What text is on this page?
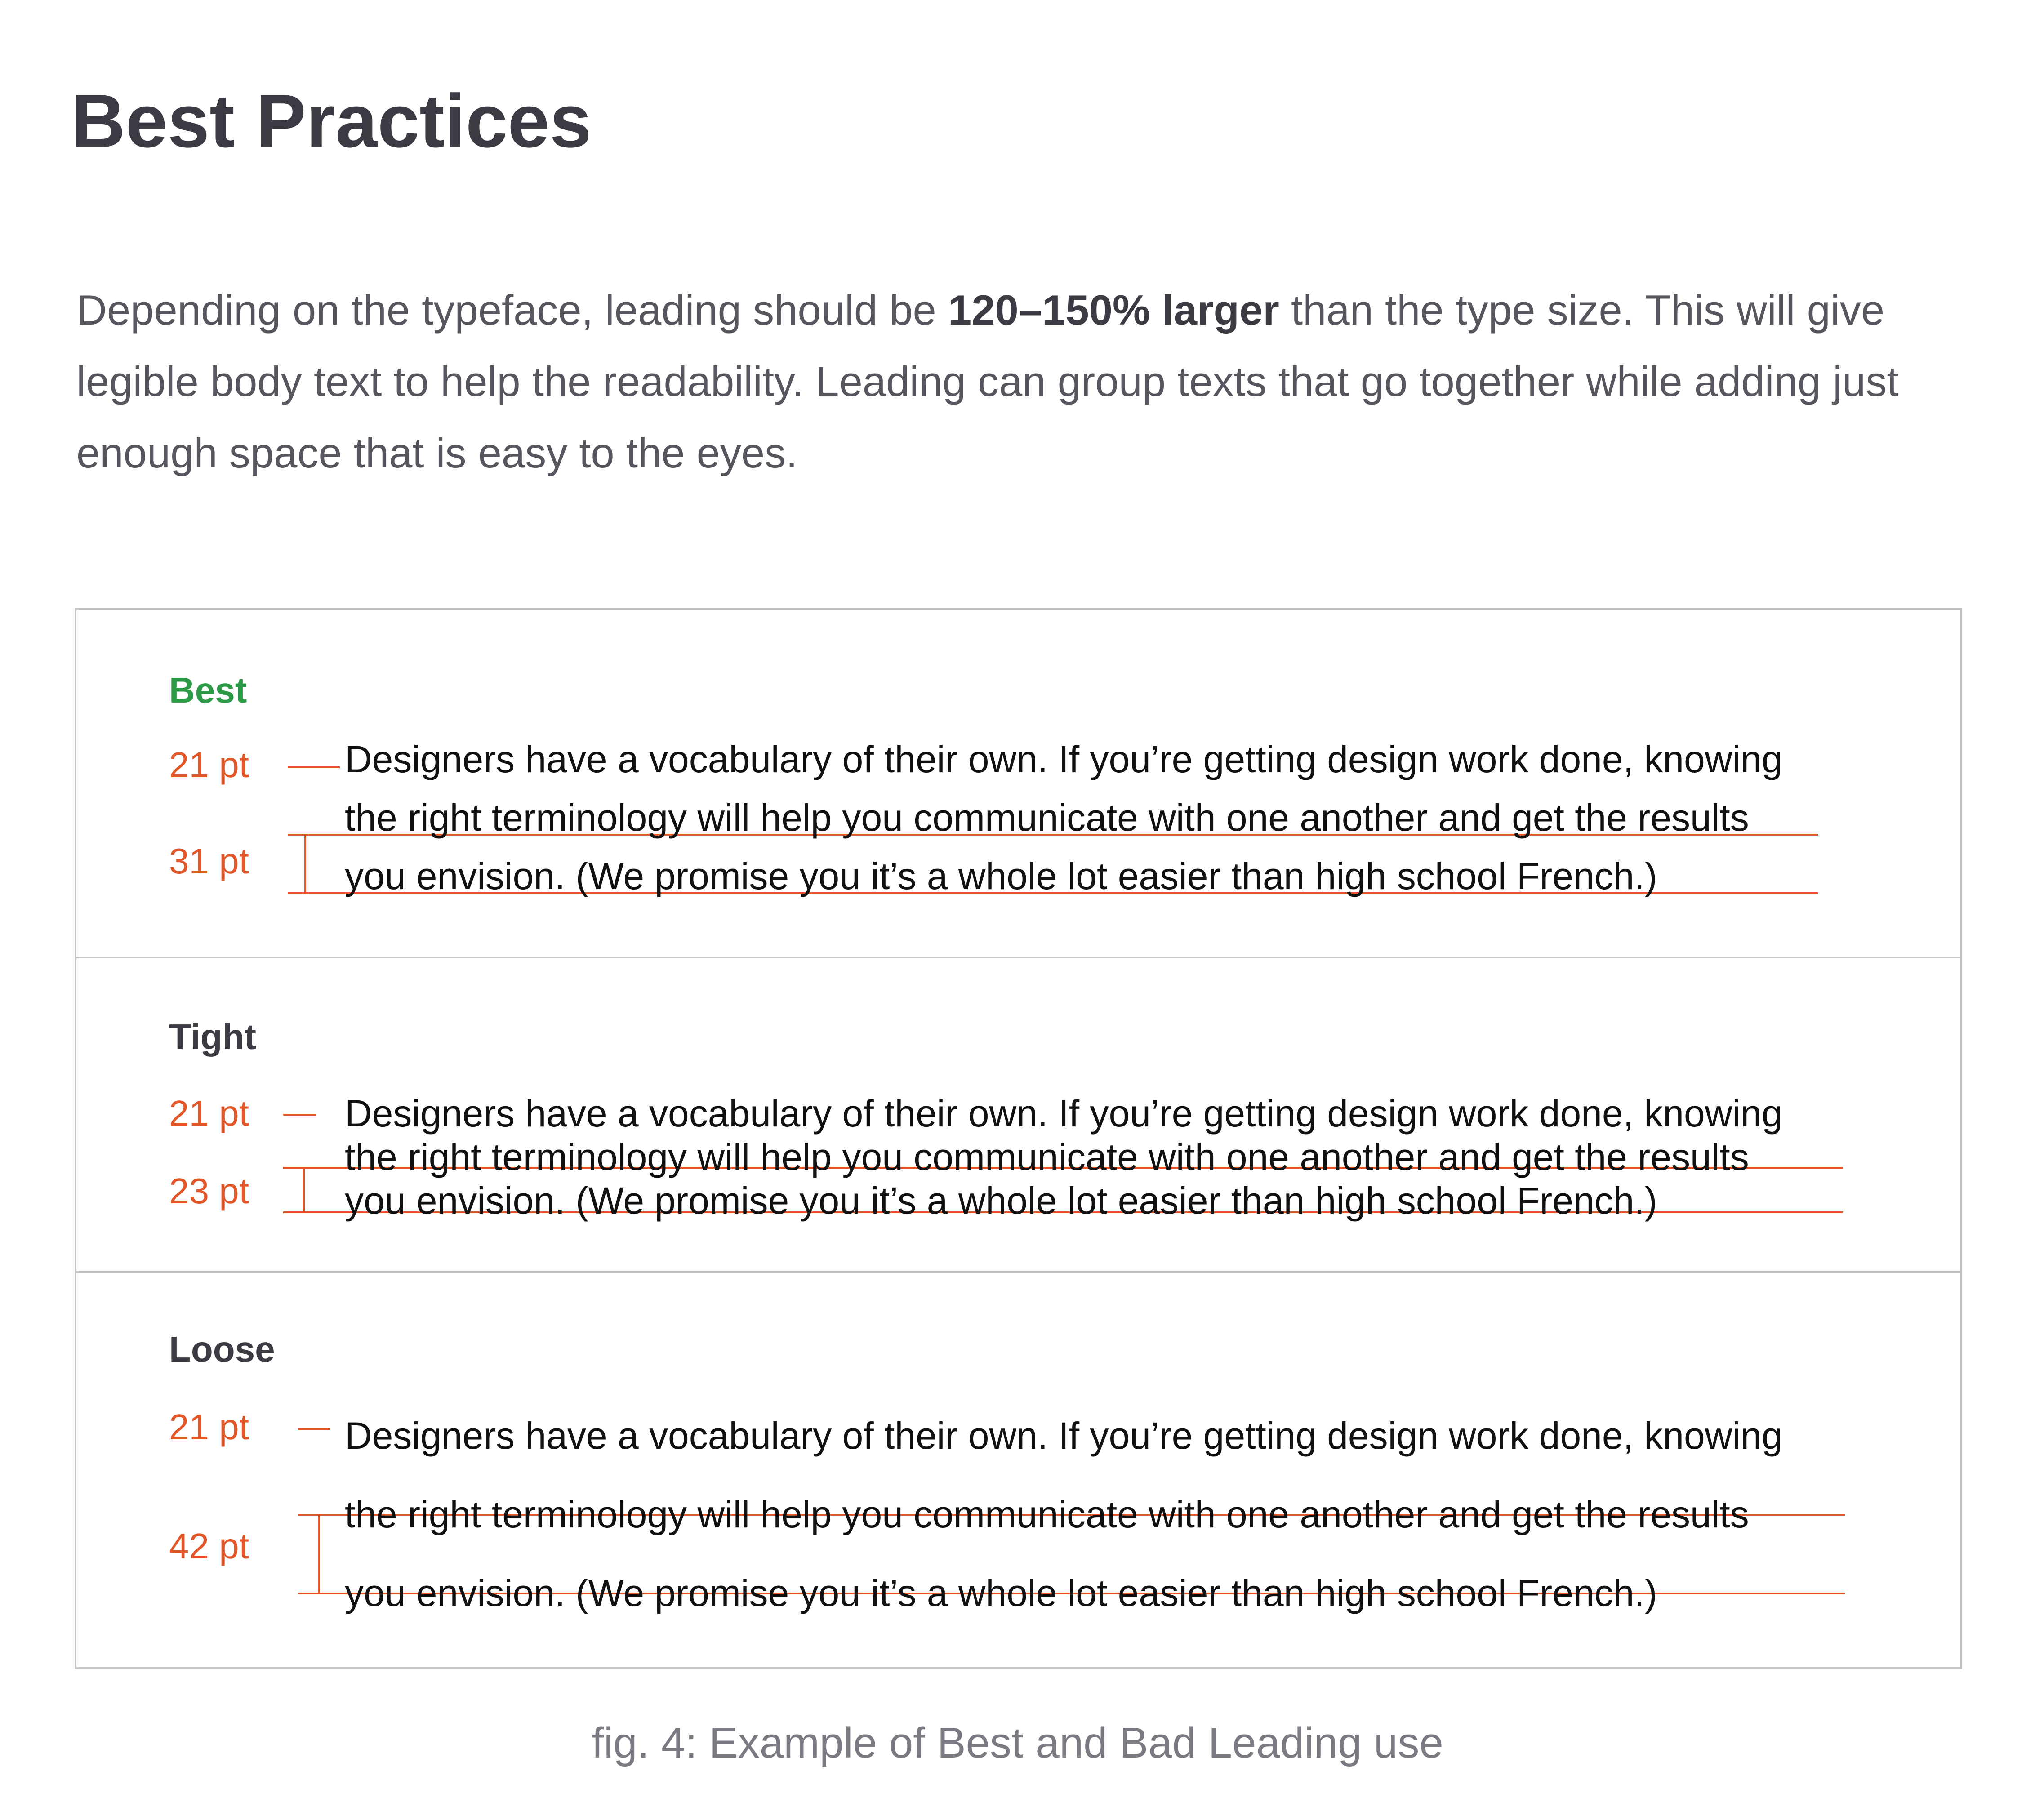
Best Practices

Depending on the typeface, leading should be 120–150% larger than the type size. This will give legible body text to help the readability. Leading can group texts that go together while adding just enough space that is easy to the eyes.

Best
21 pt
31 pt
Designers have a vocabulary of their own. If you’re getting design work done, knowing
the right terminology will help you communicate with one another and get the results
you envision. (We promise you it’s a whole lot easier than high school French.)
Tight
21 pt
23 pt
Designers have a vocabulary of their own. If you’re getting design work done, knowing
the right terminology will help you communicate with one another and get the results
you envision. (We promise you it’s a whole lot easier than high school French.)
Loose
21 pt
42 pt
Designers have a vocabulary of their own. If you’re getting design work done, knowing
the right terminology will help you communicate with one another and get the results
you envision. (We promise you it’s a whole lot easier than high school French.)

fig. 4: Example of Best and Bad Leading use
